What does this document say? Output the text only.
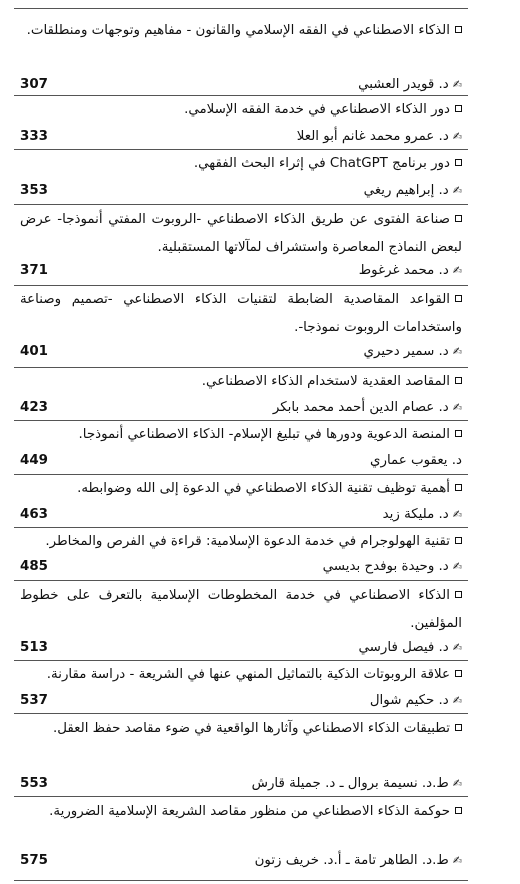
الذكاء الاصطناعي في الفقه الإسلامي والقانون - مفاهيم وتوجهات ومنطلقات.
✍د. قويدر العشبي
307
دور الذكاء الاصطناعي في خدمة الفقه الإسلامي.
✍د. عمرو محمد غانم أبو العلا
333
دور برنامج ChatGPT في إثراء البحث الفقهي.
✍د. إبراهيم ريغي
353
صناعة الفتوى عن طريق الذكاء الاصطناعي -الروبوت المفتي أنموذجا- عرض لبعض النماذج المعاصرة واستشراف لمآلاتها المستقبلية.
✍د. محمد غرغوط
371
القواعد المقاصدية الضابطة لتقنيات الذكاء الاصطناعي -تصميم وصناعة واستخدامات الروبوت نموذجا-.
✍د. سمير دحيري
401
المقاصد العقدية لاستخدام الذكاء الاصطناعي.
✍د. عصام الدين أحمد محمد بابكر
423
المنصة الدعوية ودورها في تبليغ الإسلام- الذكاء الاصطناعي أنموذجا.
د. يعقوب عماري
449
أهمية توظيف تقنية الذكاء الاصطناعي في الدعوة إلى الله وضوابطه.
✍د. مليكة زيد
463
تقنية الهولوجرام في خدمة الدعوة الإسلامية: قراءة في الفرص والمخاطر.
✍د. وحيدة بوفدح بديسي
485
الذكاء الاصطناعي في خدمة المخطوطات الإسلامية بالتعرف على خطوط المؤلفين.
✍د. فيصل فارسي
513
علاقة الروبوتات الذكية بالتماثيل المنهي عنها في الشريعة - دراسة مقارنة.
✍د. حكيم شوال
537
تطبيقات الذكاء الاصطناعي وآثارها الواقعية في ضوء مقاصد حفظ العقل.
✍ط.د. نسيمة بروال ـ د. جميلة قارش
553
حوكمة الذكاء الاصطناعي من منظور مقاصد الشريعة الإسلامية الضرورية.
✍ط.د. الطاهر تامة ـ أ.د. خريف زتون
575
